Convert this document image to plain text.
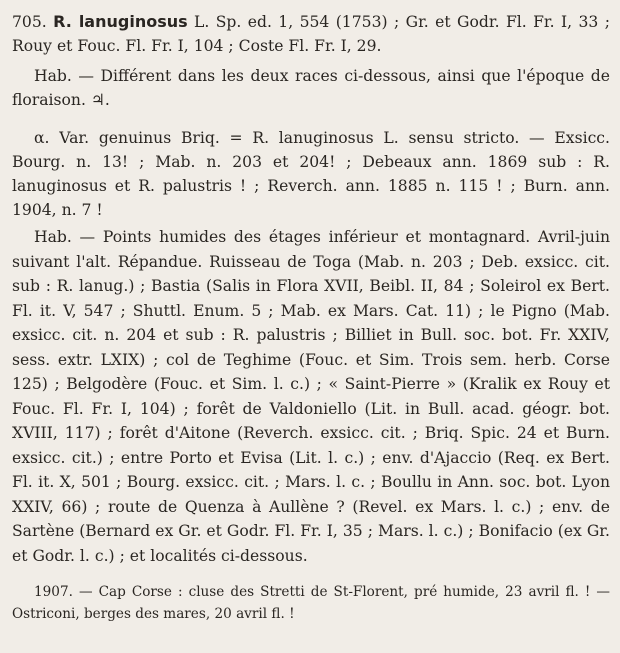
705. R. lanuginosus L. Sp. ed. 1, 554 (1753) ; Gr. et Godr. Fl. Fr. I, 33 ; Rouy et Fouc. Fl. Fr. I, 104 ; Coste Fl. Fr. I, 29.

Hab. — Différent dans les deux races ci-dessous, ainsi que l'époque de floraison. ♃.

α. Var. genuinus Briq. = R. lanuginosus L. sensu stricto. — Exsicc. Bourg. n. 13! ; Mab. n. 203 et 204! ; Debeaux ann. 1869 sub : R. lanuginosus et R. palustris ! ; Reverch. ann. 1885 n. 115 ! ; Burn. ann. 1904, n. 7 !

Hab. — Points humides des étages inférieur et montagnard. Avril-juin suivant l'alt. Répandue. Ruisseau de Toga (Mab. n. 203 ; Deb. exsicc. cit. sub : R. lanug.) ; Bastia (Salis in Flora XVII, Beibl. II, 84 ; Soleirol ex Bert. Fl. it. V, 547 ; Shuttl. Enum. 5 ; Mab. ex Mars. Cat. 11) ; le Pigno (Mab. exsicc. cit. n. 204 et sub : R. palustris ; Billiet in Bull. soc. bot. Fr. XXIV, sess. extr. LXIX) ; col de Teghime (Fouc. et Sim. Trois sem. herb. Corse 125) ; Belgodère (Fouc. et Sim. l. c.) ; « Saint-Pierre » (Kralik ex Rouy et Fouc. Fl. Fr. I, 104) ; forêt de Valdoniello (Lit. in Bull. acad. géogr. bot. XVIII, 117) ; forêt d'Aitone (Reverch. exsicc. cit. ; Briq. Spic. 24 et Burn. exsicc. cit.) ; entre Porto et Evisa (Lit. l. c.) ; env. d'Ajaccio (Req. ex Bert. Fl. it. X, 501 ; Bourg. exsicc. cit. ; Mars. l. c. ; Boullu in Ann. soc. bot. Lyon XXIV, 66) ; route de Quenza à Aullène ? (Revel. ex Mars. l. c.) ; env. de Sartène (Bernard ex Gr. et Godr. Fl. Fr. I, 35 ; Mars. l. c.) ; Bonifacio (ex Gr. et Godr. l. c.) ; et localités ci-dessous.

1907. — Cap Corse : cluse des Stretti de St-Florent, pré humide, 23 avril fl. ! — Ostriconi, berges des mares, 20 avril fl. !
